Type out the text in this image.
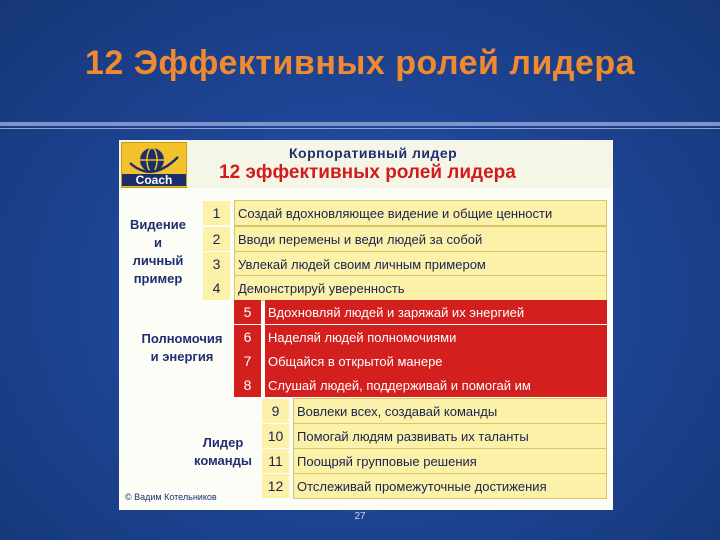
12 Эффективных ролей лидера
Coach
Корпоративный лидер
12 эффективных ролей лидера
Видение
и
личный
пример
Полномочия
и энергия
Лидер
команды
1	Создай вдохновляющее видение и общие ценности
2	Вводи перемены и веди людей за собой
3	Увлекай людей своим личным примером
4	Демонстрируй уверенность
5	Вдохновляй людей и заряжай их энергией
6	Наделяй людей полномочиями
7	Общайся в открытой манере
8	Слушай людей, поддерживай и помогай им
9	Вовлеки всех, создавай команды
10	Помогай людям развивать их таланты
11	Поощряй групповые решения
12	Отслеживай промежуточные достижения
© Вадим Котельников
27
